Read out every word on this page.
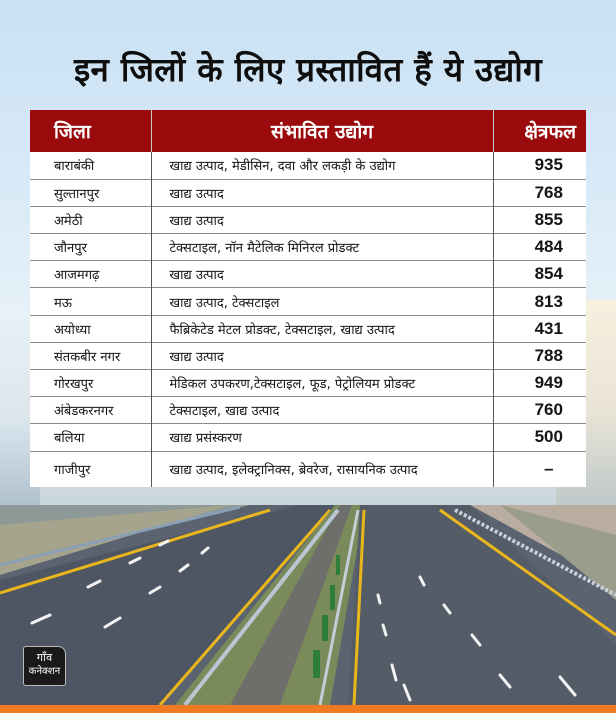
इन जिलों के लिए प्रस्तावित हैं ये उद्योग
जिला	संभावित उद्योग	क्षेत्रफल
बाराबंकी	खाद्य उत्पाद, मेडीसिन, दवा और लकड़ी के उद्योग	935
सुल्तानपुर	खाद्य उत्पाद	768
अमेठी	खाद्य उत्पाद	855
जौनपुर	टेक्सटाइल, नॉन मैटेलिक मिनिरल प्रोडक्ट	484
आजमगढ़	खाद्य उत्पाद	854
मऊ	खाद्य उत्पाद, टेक्सटाइल	813
अयोध्या	फैब्रिकेटेड मेटल प्रोडक्ट, टेक्सटाइल, खाद्य उत्पाद	431
संतकबीर नगर	खाद्य उत्पाद	788
गोरखपुर	मेडिकल उपकरण,टेक्सटाइल, फूड, पेट्रोलियम प्रोडक्ट	949
अंबेडकरनगर	टेक्सटाइल, खाद्य उत्पाद	760
बलिया	खाद्य प्रसंस्करण	500
गाजीपुर	खाद्य उत्पाद, इलेक्ट्रानिक्स, ब्रेवरेज, रासायनिक उत्पाद	–
गाँव
कनेक्शन
